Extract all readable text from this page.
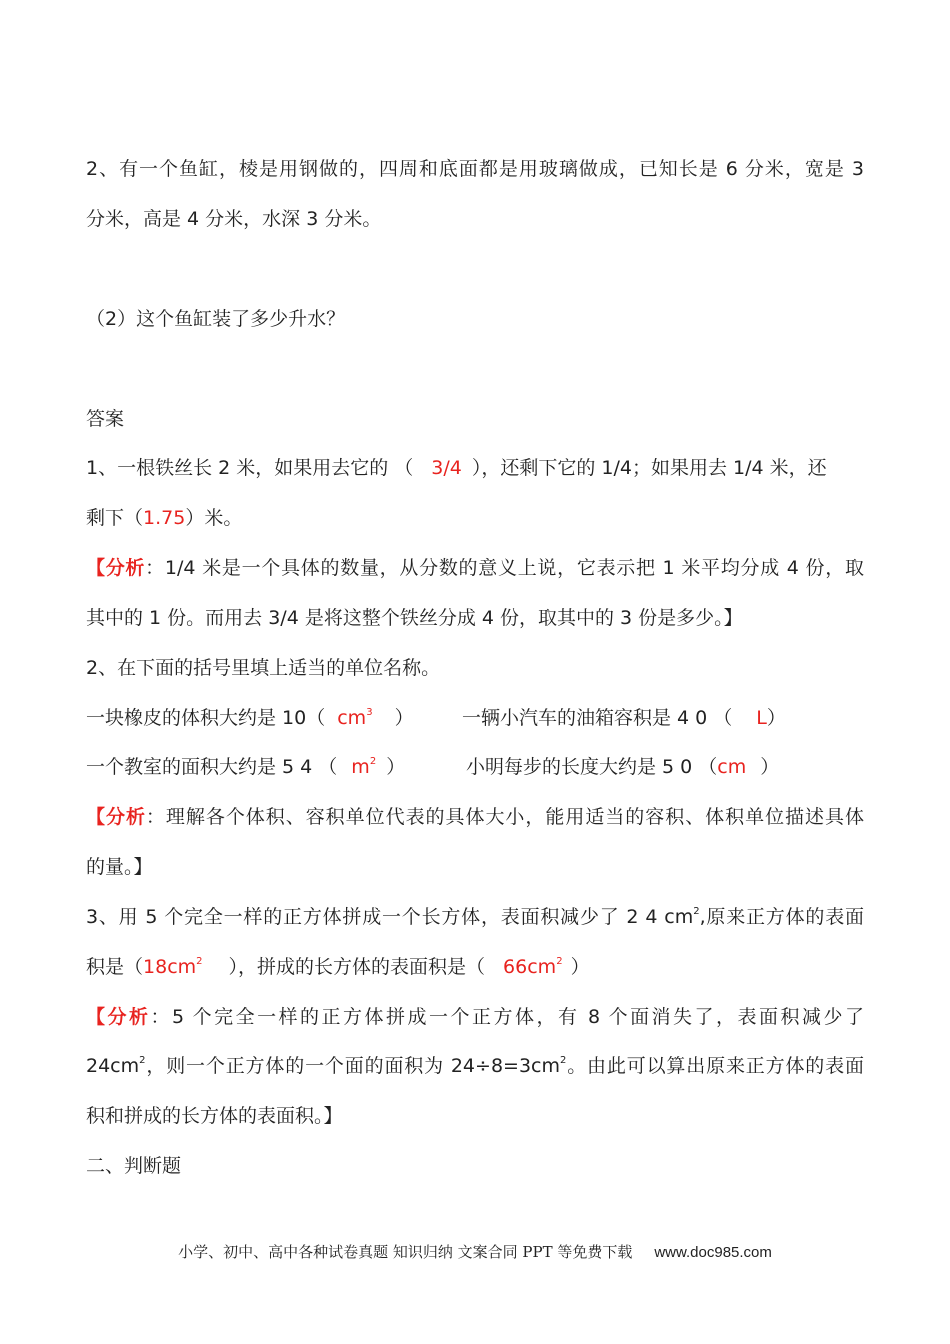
2、有一个鱼缸，棱是用钢做的，四周和底面都是用玻璃做成，已知长是 6 分米，宽是 3
分米，高是 4 分米，水深 3 分米。
（2）这个鱼缸装了多少升水？
答案
1、一根铁丝长 2 米，如果用去它的 （ 3/4 ），还剩下它的 1/4；如果用去 1/4 米，还
剩下（1.75）米。
【分析：1/4 米是一个具体的数量，从分数的意义上说，它表示把 1 米平均分成 4 份，取
其中的 1 份。而用去 3/4 是将这整个铁丝分成 4 份，取其中的 3 份是多少。】
2、在下面的括号里填上适当的单位名称。
一块橡皮的体积大约是 10（ $cm^3$ ）	一辆小汽车的油箱容积是 4 0 （ L）
一个教室的面积大约是 5 4 （ $m^2$ ）	小明每步的长度大约是 5 0 （cm ）
【分析：理解各个体积、容积单位代表的具体大小，能用适当的容积、体积单位描述具体
的量。】
3、用 5 个完全一样的正方体拼成一个长方体，表面积减少了 2 4 $cm^2$,原来正方体的表面
积是（$18cm^2$ ），拼成的长方体的表面积是（ $66cm^2$ ）
【分析：5 个完全一样的正方体拼成一个正方体，有 8 个面消失了，表面积减少了
$24cm^2$，则一个正方体的一个面的面积为 $24\div 8=3cm^2$。由此可以算出原来正方体的表面
积和拼成的长方体的表面积。】
二、判断题
小学、初中、高中各种试卷真题 知识归纳 文案合同 PPT 等免费下载 www.doc985.com
